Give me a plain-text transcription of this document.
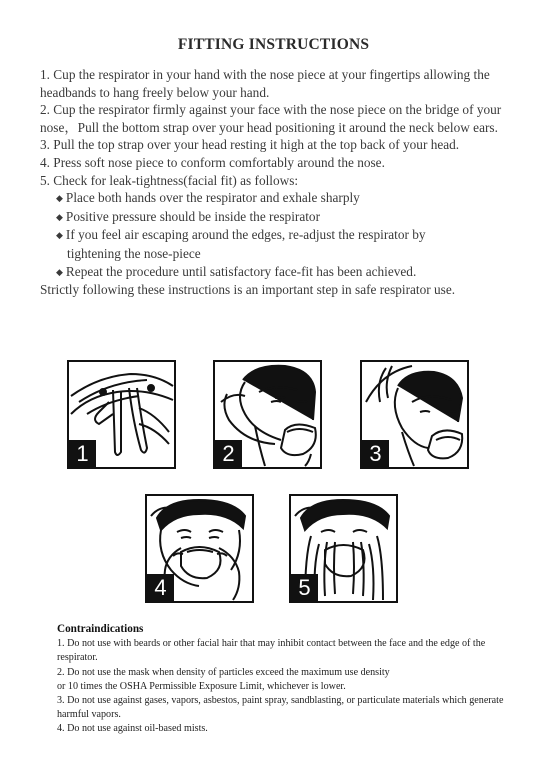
FITTING INSTRUCTIONS

1. Cup the respirator in your hand with the nose piece at your fingertips allowing the headbands to hang freely below your hand.

2. Cup the respirator firmly against your face with the nose piece on the bridge of your nose，Pull the bottom strap over your head positioning it around the neck below ears.

3. Pull the top strap over your head resting it high at the top back of your head.

4. Press soft nose piece to conform comfortably around the nose.

5. Check for leak-tightness(facial fit) as follows:

◆ Place both hands over the respirator and exhale sharply

◆ Positive pressure should be inside the respirator

◆ If you feel air escaping around the edges, re-adjust the respirator by

tightening the nose-piece

◆ Repeat the procedure until satisfactory face-fit has been achieved.

Strictly following these instructions is an important step in safe respirator use.

1	2	3
4	5
Contraindications

1. Do not use with beards or other facial hair that may inhibit contact between the face and the edge of the respirator.

2. Do not use the mask when density of particles exceed the maximum use density

or 10 times the OSHA Permissible Exposure Limit, whichever is lower.

3. Do not use against gases, vapors, asbestos, paint spray, sandblasting, or particulate materials which generate harmful vapors.

4. Do not use against oil-based mists.
